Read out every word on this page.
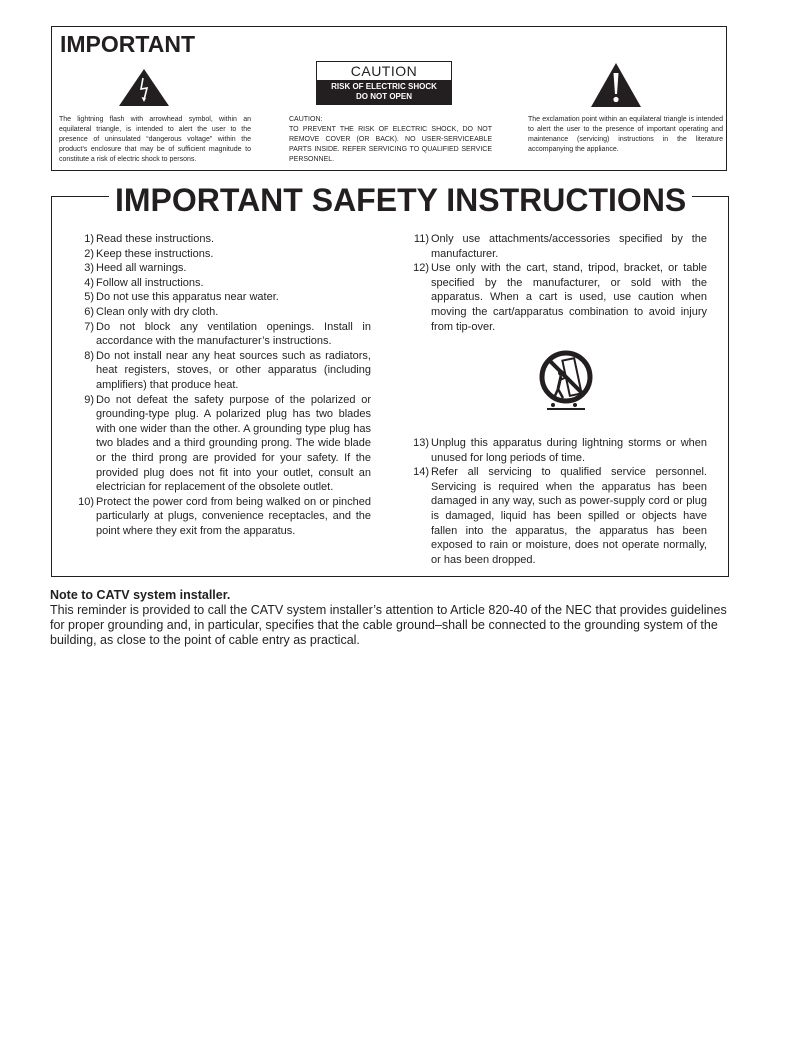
IMPORTANT
CAUTION
RISK OF ELECTRIC SHOCK
DO NOT OPEN
The lightning flash with arrowhead symbol, within an equilateral triangle, is intended to alert the user to the presence of uninsulated “dangerous voltage” within the product’s enclosure that may be of sufficient magnitude to constitute a risk of electric shock to persons.
CAUTION:
TO PREVENT THE RISK OF ELECTRIC SHOCK, DO NOT REMOVE COVER (OR BACK). NO USER-SERVICEABLE PARTS INSIDE. REFER SERVICING TO QUALIFIED SERVICE PERSONNEL.
The exclamation point within an equilateral triangle is intended to alert the user to the presence of important operating and maintenance (servicing) instructions in the literature accompanying the appliance.
IMPORTANT SAFETY INSTRUCTIONS
1) Read these instructions.
2) Keep these instructions.
3) Heed all warnings.
4) Follow all instructions.
5) Do not use this apparatus near water.
6) Clean only with dry cloth.
7) Do not block any ventilation openings. Install in accordance with the manufacturer’s instructions.
8) Do not install near any heat sources such as radiators, heat registers, stoves, or other apparatus (including amplifiers) that produce heat.
9) Do not defeat the safety purpose of the polarized or grounding-type plug. A polarized plug has two blades with one wider than the other. A grounding type plug has two blades and a third grounding prong. The wide blade or the third prong are provided for your safety. If the provided plug does not fit into your outlet, consult an electrician for replacement of the obsolete outlet.
10) Protect the power cord from being walked on or pinched particularly at plugs, convenience receptacles, and the point where they exit from the apparatus.
11) Only use attachments/accessories specified by the manufacturer.
12) Use only with the cart, stand, tripod, bracket, or table specified by the manufacturer, or sold with the apparatus. When a cart is used, use caution when moving the cart/apparatus combination to avoid injury from tip-over.
13) Unplug this apparatus during lightning storms or when unused for long periods of time.
14) Refer all servicing to qualified service personnel. Servicing is required when the apparatus has been damaged in any way, such as power-supply cord or plug is damaged, liquid has been spilled or objects have fallen into the apparatus, the apparatus has been exposed to rain or moisture, does not operate normally, or has been dropped.
Note to CATV system installer.

This reminder is provided to call the CATV system installer’s attention to Article 820-40 of the NEC that provides guidelines for proper grounding and, in particular, specifies that the cable ground–shall be connected to the grounding system of the building, as close to the point of cable entry as practical.
